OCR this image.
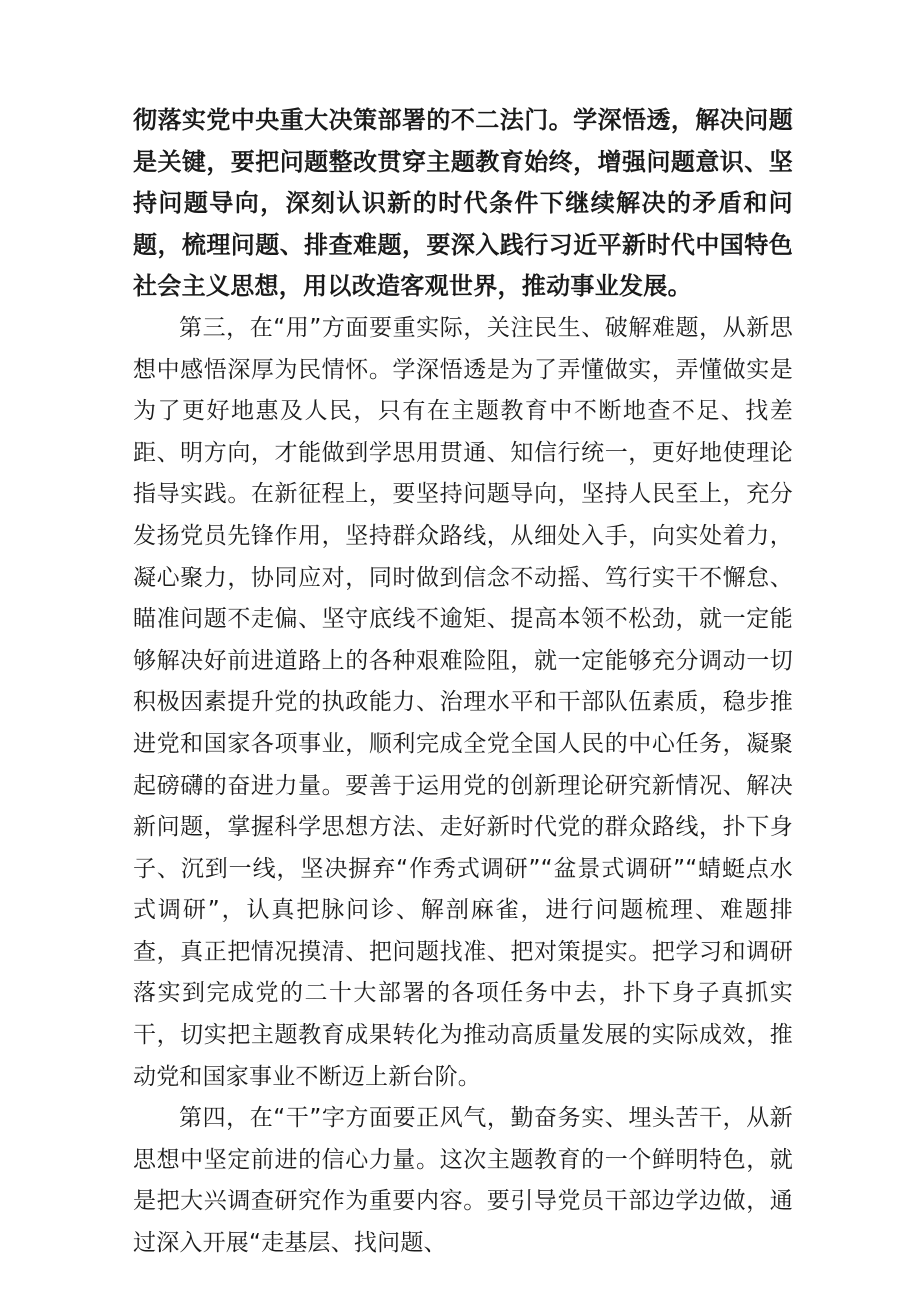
彻落实党中央重大决策部署的不二法门。学深悟透，解决问题是关键，要把问题整改贯穿主题教育始终，增强问题意识、坚持问题导向，深刻认识新的时代条件下继续解决的矛盾和问题，梳理问题、排查难题，要深入践行习近平新时代中国特色社会主义思想，用以改造客观世界，推动事业发展。

第三，在“用”方面要重实际，关注民生、破解难题，从新思想中感悟深厚为民情怀。学深悟透是为了弄懂做实，弄懂做实是为了更好地惠及人民，只有在主题教育中不断地查不足、找差距、明方向，才能做到学思用贯通、知信行统一，更好地使理论指导实践。在新征程上，要坚持问题导向，坚持人民至上，充分发扬党员先锋作用，坚持群众路线，从细处入手，向实处着力，凝心聚力，协同应对，同时做到信念不动摇、笃行实干不懈怠、瞄准问题不走偏、坚守底线不逾矩、提高本领不松劲，就一定能够解决好前进道路上的各种艰难险阻，就一定能够充分调动一切积极因素提升党的执政能力、治理水平和干部队伍素质，稳步推进党和国家各项事业，顺利完成全党全国人民的中心任务，凝聚起磅礴的奋进力量。要善于运用党的创新理论研究新情况、解决新问题，掌握科学思想方法、走好新时代党的群众路线，扑下身子、沉到一线，坚决摒弃“作秀式调研”“盆景式调研”“蜻蜓点水式调研”，认真把脉问诊、解剖麻雀，进行问题梳理、难题排查，真正把情况摸清、把问题找准、把对策提实。把学习和调研落实到完成党的二十大部署的各项任务中去，扑下身子真抓实干，切实把主题教育成果转化为推动高质量发展的实际成效，推动党和国家事业不断迈上新台阶。

第四，在“干”字方面要正风气，勤奋务实、埋头苦干，从新思想中坚定前进的信心力量。这次主题教育的一个鲜明特色，就是把大兴调查研究作为重要内容。要引导党员干部边学边做，通过深入开展“走基层、找问题、
